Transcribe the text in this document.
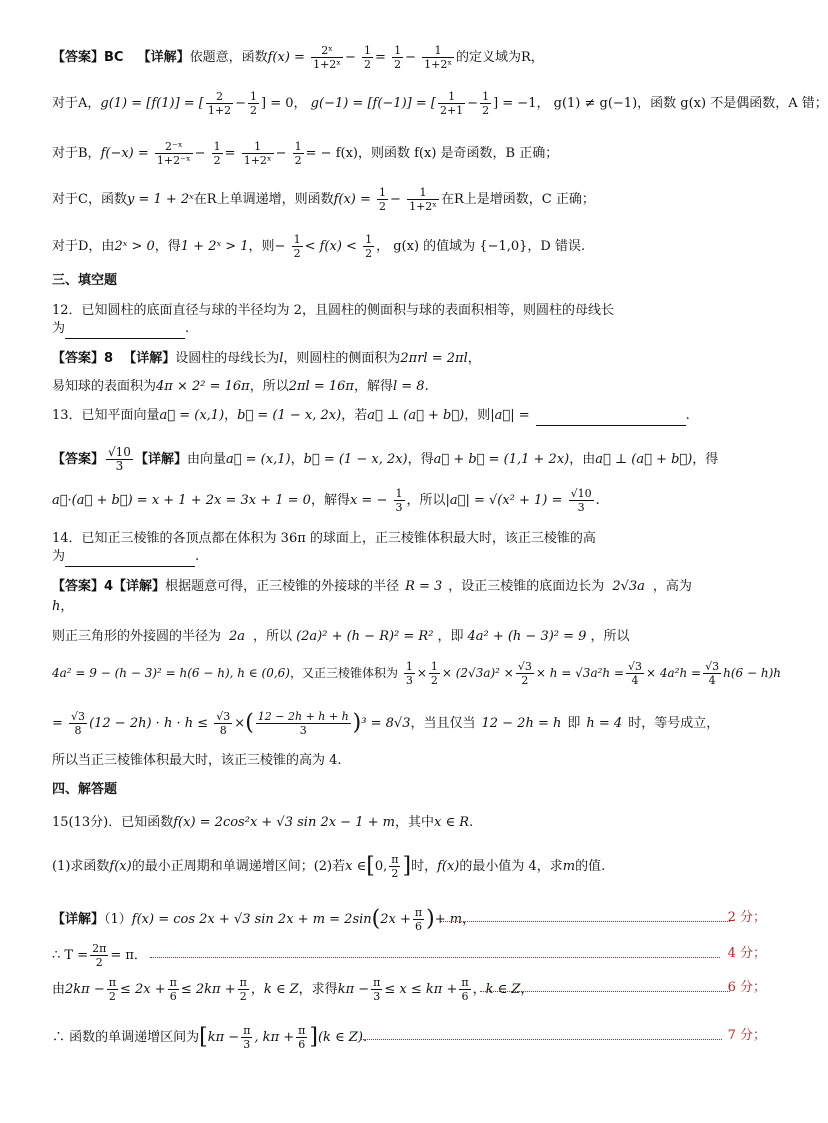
【答案】BC 【详解】依题意，函数$f(x) = \frac{\text{2ˣ}}{\text{1+2ˣ}} - \frac{1}{2} = \frac{1}{2} - \frac{1}{\text{1+2ˣ}}$ 的定义域为R，
对于A，g(1) = [f(1)] = [ $\frac{2}{1+2} - \frac{1}{2}$ ] = 0， g(−1) = [f(−1)] = [ $\frac{1}{2+1} - \frac{1}{2}$ ] = −1， g(1) ≠ g(−1)，函数 g(x) 不是偶函数，A 错；
对于B，$f(-x) = \frac{\text{2⁻ˣ}}{\text{1+2⁻ˣ}} - \frac{1}{2} = \frac{1}{\text{1+2ˣ}} - \frac{1}{2}$ = − f(x)，则函数 f(x) 是奇函数，B 正确；
对于C，函数y = 1 + 2ˣ在R上单调递增，则函数$f(x) = \frac{1}{2} - \frac{1}{\text{1+2ˣ}}$ 在R上是增函数，C 正确；
对于D，由2ˣ > 0，得1 + 2ˣ > 1，则− $\frac{1}{2} < f(x) < \frac{1}{2}$ ， g(x) 的值域为 {−1,0}，D 错误.
三、填空题
12．已知圆柱的底面直径与球的半径均为 2，且圆柱的侧面积与球的表面积相等，则圆柱的母线长
为	.
【答案】8 【详解】设圆柱的母线长为l，则圆柱的侧面积为2πrl = 2πl，
易知球的表面积为4π × 2² = 16π，所以2πl = 16π，解得l = 8.
13．已知平面向量a⃗ = (x,1)，b⃗ = (1 − x, 2x)，若a⃗ ⊥ (a⃗ + b⃗)，则|a⃗| =	.
【答案】 $\frac{√10}{3}$ 【详解】由向量a⃗ = (x,1)，b⃗ = (1 − x, 2x)，得a⃗ + b⃗ = (1,1 + 2x)，由a⃗ ⊥ (a⃗ + b⃗)，得
a⃗·(a⃗ + b⃗) = x + 1 + 2x = 3x + 1 = 0，解得x = − $\frac{1}{3}$ ，所以|a⃗| = $√(x^2 + 1) = \frac{√10}{3}$ .
14．已知正三棱锥的各顶点都在体积为 36π 的球面上，正三棱锥体积最大时，该正三棱锥的高
为	.
【答案】4【详解】根据题意可得，正三棱锥的外接球的半径 R = 3 ，设正三棱锥的底面边长为 2√3a ，高为
h，
则正三角形的外接圆的半径为 2a ，所以 (2a)² + (h − R)² = R² ，即 4a² + (h − 3)² = 9 ，所以
4a² = 9 − (h − 3)² = h(6 − h), h ∈ (0,6)，又正三棱锥体积为 $\frac{1}{3} \times \frac{1}{2} \times (2√3a)^2 \times \frac{√3}{2} \times h = √3a^2h = \frac{√3}{4} \times 4a^2h = \frac{√3}{4} h(6 - h)h$
= $\frac{√3}{8} (12 - 2h) \cdot h \cdot h \le \frac{√3}{8}$ ×( $\frac{12 - 2h + h + h}{3} )^3 = 8√3$，当且仅当 12 − 2h = h 即 h = 4 时，等号成立，
所以当正三棱锥体积最大时，该正三棱锥的高为 4.
四、解答题
15(13分)．已知函数f(x) = 2cos²x + √3 sin 2x − 1 + m，其中x ∈ R.
(1)求函数f(x)的最小正周期和单调递增区间；(2)若x ∈[0, $\frac{\pi}{2}$ ]时，f(x)的最小值为 4，求m的值.
【详解】（1）f(x) = cos 2x + √3 $\sin 2x + m = 2\sin(2x + \frac{\pi}{6}$ )+ m，	2 分；
∴ $T = \frac{2\pi}{2} = \pi$．	4 分；
由$2k\pi - \frac{\pi}{2} \le 2x + \frac{\pi}{6} \le 2k\pi + \frac{\pi}{2}$ ，k ∈ Z，求得$k\pi - \frac{\pi}{3} \le x \le k\pi + \frac{\pi}{6}$ ，k ∈ Z，	6 分；
∴ 函数的单调递增区间为[$k\pi - \frac{\pi}{3}$ , $k\pi + \frac{\pi}{6} ](k$ ∈ Z).	7 分；
